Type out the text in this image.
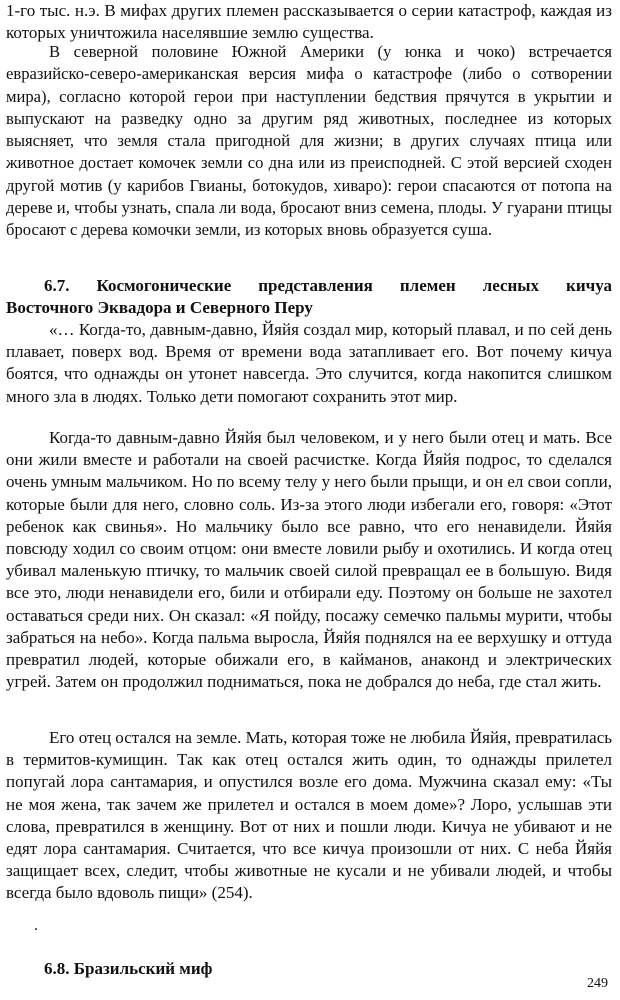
1-го тыс. н.э. В мифах других племен рассказывается о серии катастроф, каждая из которых уничтожила населявшие землю существа.

В северной половине Южной Америки (у юнка и чоко) встречается евразийско-северо-американская версия мифа о катастрофе (либо о сотворении мира), согласно которой герои при наступлении бедствия прячутся в укрытии и выпускают на разведку одно за другим ряд животных, последнее из которых выясняет, что земля стала пригодной для жизни; в других случаях птица или животное достает комочек земли со дна или из преисподней. С этой версией сходен другой мотив (у карибов Гвианы, ботокудов, хиваро): герои спасаются от потопа на дереве и, чтобы узнать, спала ли вода, бросают вниз семена, плоды. У гуарани птицы бросают с дерева комочки земли, из которых вновь образуется суша.

6.7. Космогонические представления племен лесных кичуа
Восточного Эквадора и Северного Перу

«… Когда-то, давным-давно, Йяйя создал мир, который плавал, и по сей день плавает, поверх вод. Время от времени вода затапливает его. Вот почему кичуа боятся, что однажды он утонет навсегда. Это случится, когда накопится слишком много зла в людях. Только дети помогают сохранить этот мир.

Когда-то давным-давно Йяйя был человеком, и у него были отец и мать. Все они жили вместе и работали на своей расчистке. Когда Йяйя подрос, то сделался очень умным мальчиком. Но по всему телу у него были прыщи, и он ел свои сопли, которые были для него, словно соль. Из-за этого люди избегали его, говоря: «Этот ребенок как свинья». Но мальчику было все равно, что его ненавидели. Йяйя повсюду ходил со своим отцом: они вместе ловили рыбу и охотились. И когда отец убивал маленькую птичку, то мальчик своей силой превращал ее в большую. Видя все это, люди ненавидели его, били и отбирали еду. Поэтому он больше не захотел оставаться среди них. Он сказал: «Я пойду, посажу семечко пальмы мурити, чтобы забраться на небо». Когда пальма выросла, Йяйя поднялся на ее верхушку и оттуда превратил людей, которые обижали его, в кайманов, анаконд и электрических угрей. Затем он продолжил подниматься, пока не добрался до неба, где стал жить.

Его отец остался на земле. Мать, которая тоже не любила Йяйя, превратилась в термитов-кумищин. Так как отец остался жить один, то однажды прилетел попугай лора сантамария, и опустился возле его дома. Мужчина сказал ему: «Ты не моя жена, так зачем же прилетел и остался в моем доме»? Лоро, услышав эти слова, превратился в женщину. Вот от них и пошли люди. Кичуа не убивают и не едят лора сантамария. Считается, что все кичуа произошли от них. С неба Йяйя защищает всех, следит, чтобы животные не кусали и не убивали людей, и чтобы всегда было вдоволь пищи» (254).

.
6.8. Бразильский миф
249
